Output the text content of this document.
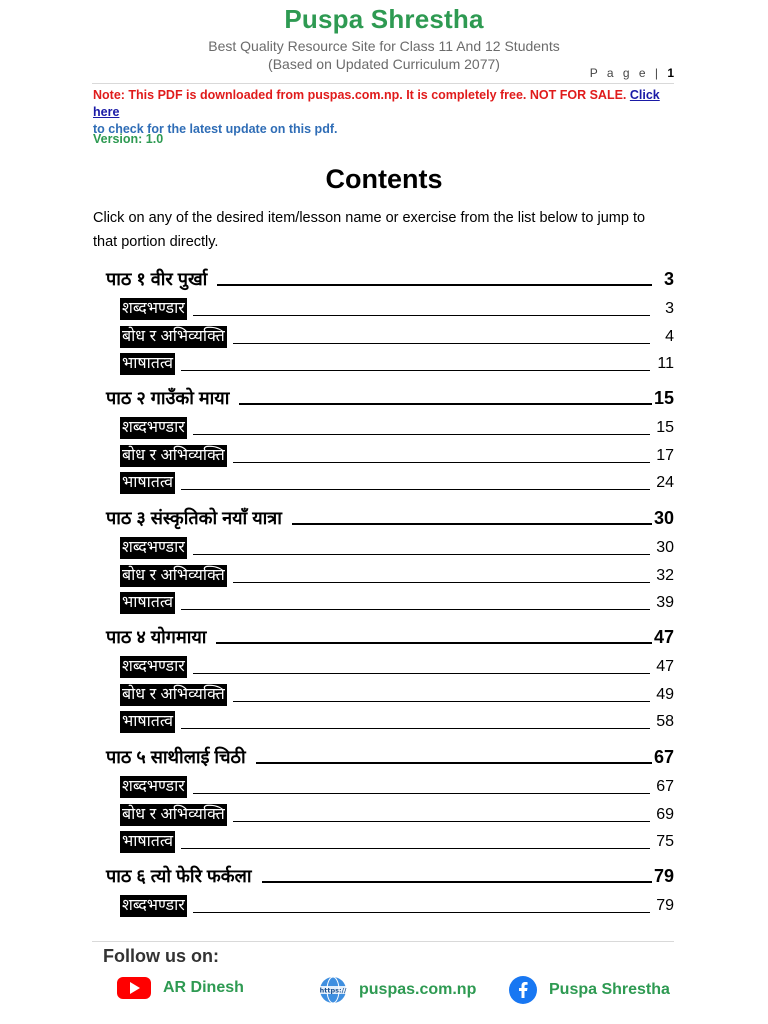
Puspa Shrestha
Best Quality Resource Site for Class 11 And 12 Students
(Based on Updated Curriculum 2077)
P a g e | 1
Note: This PDF is downloaded from puspas.com.np. It is completely free. NOT FOR SALE. Click here
to check for the latest update on this pdf.
Version: 1.0
Contents
Click on any of the desired item/lesson name or exercise from the list below to jump to that portion directly.
पाठ १ वीर पुर्खा	3
शब्दभण्डार	3
बोध र अभिव्यक्ति	4
भाषातत्व	11
पाठ २ गाउँको माया	15
शब्दभण्डार	15
बोध र अभिव्यक्ति	17
भाषातत्व	24
पाठ ३ संस्कृतिको नयाँ यात्रा	30
शब्दभण्डार	30
बोध र अभिव्यक्ति	32
भाषातत्व	39
पाठ ४ योगमाया	47
शब्दभण्डार	47
बोध र अभिव्यक्ति	49
भाषातत्व	58
पाठ ५ साथीलाई चिठी	67
शब्दभण्डार	67
बोध र अभिव्यक्ति	69
भाषातत्व	75
पाठ ६ त्यो फेरि फर्कला	79
शब्दभण्डार	79
Follow us on:
AR Dinesh	https:// puspas.com.np	Puspa Shrestha
